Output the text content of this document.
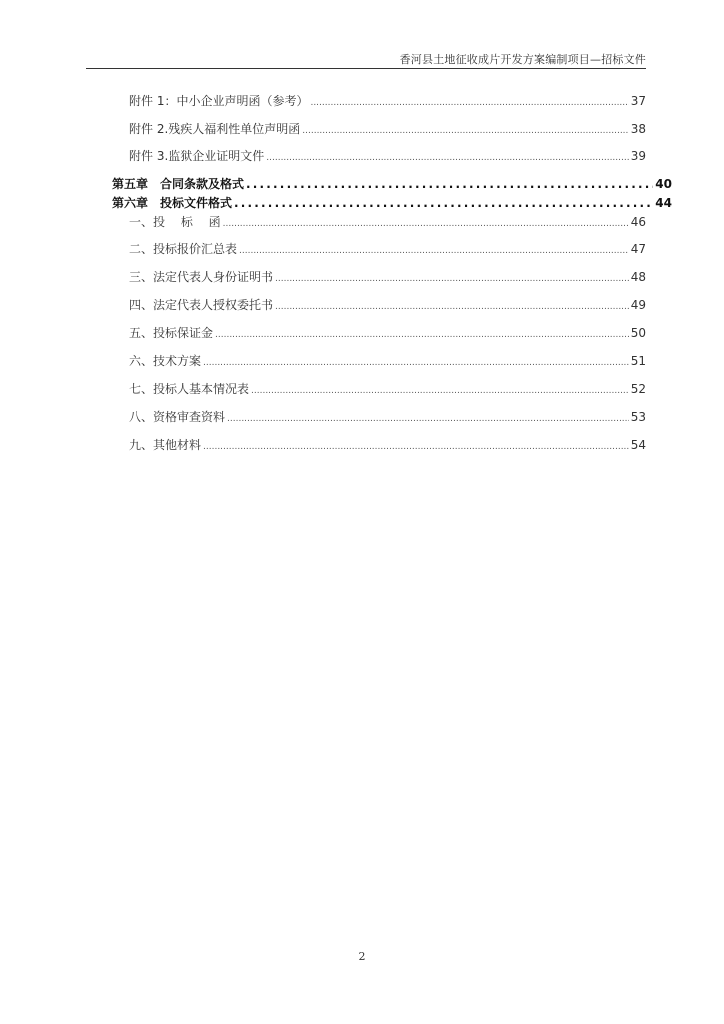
香河县土地征收成片开发方案编制项目—招标文件
附件 1：中小企业声明函（参考） .....	37
附件 2.残疾人福利性单位声明函 .....	38
附件 3.监狱企业证明文件 .....	39
第五章　合同条款及格式 .....	40
第六章　投标文件格式 .....	44
一、投　 标　 函 .....	46
二、投标报价汇总表 .....	47
三、法定代表人身份证明书 .....	48
四、法定代表人授权委托书 .....	49
五、投标保证金 .....	50
六、技术方案 .....	51
七、投标人基本情况表 .....	52
八、资格审查资料 .....	53
九、其他材料 .....	54
2
